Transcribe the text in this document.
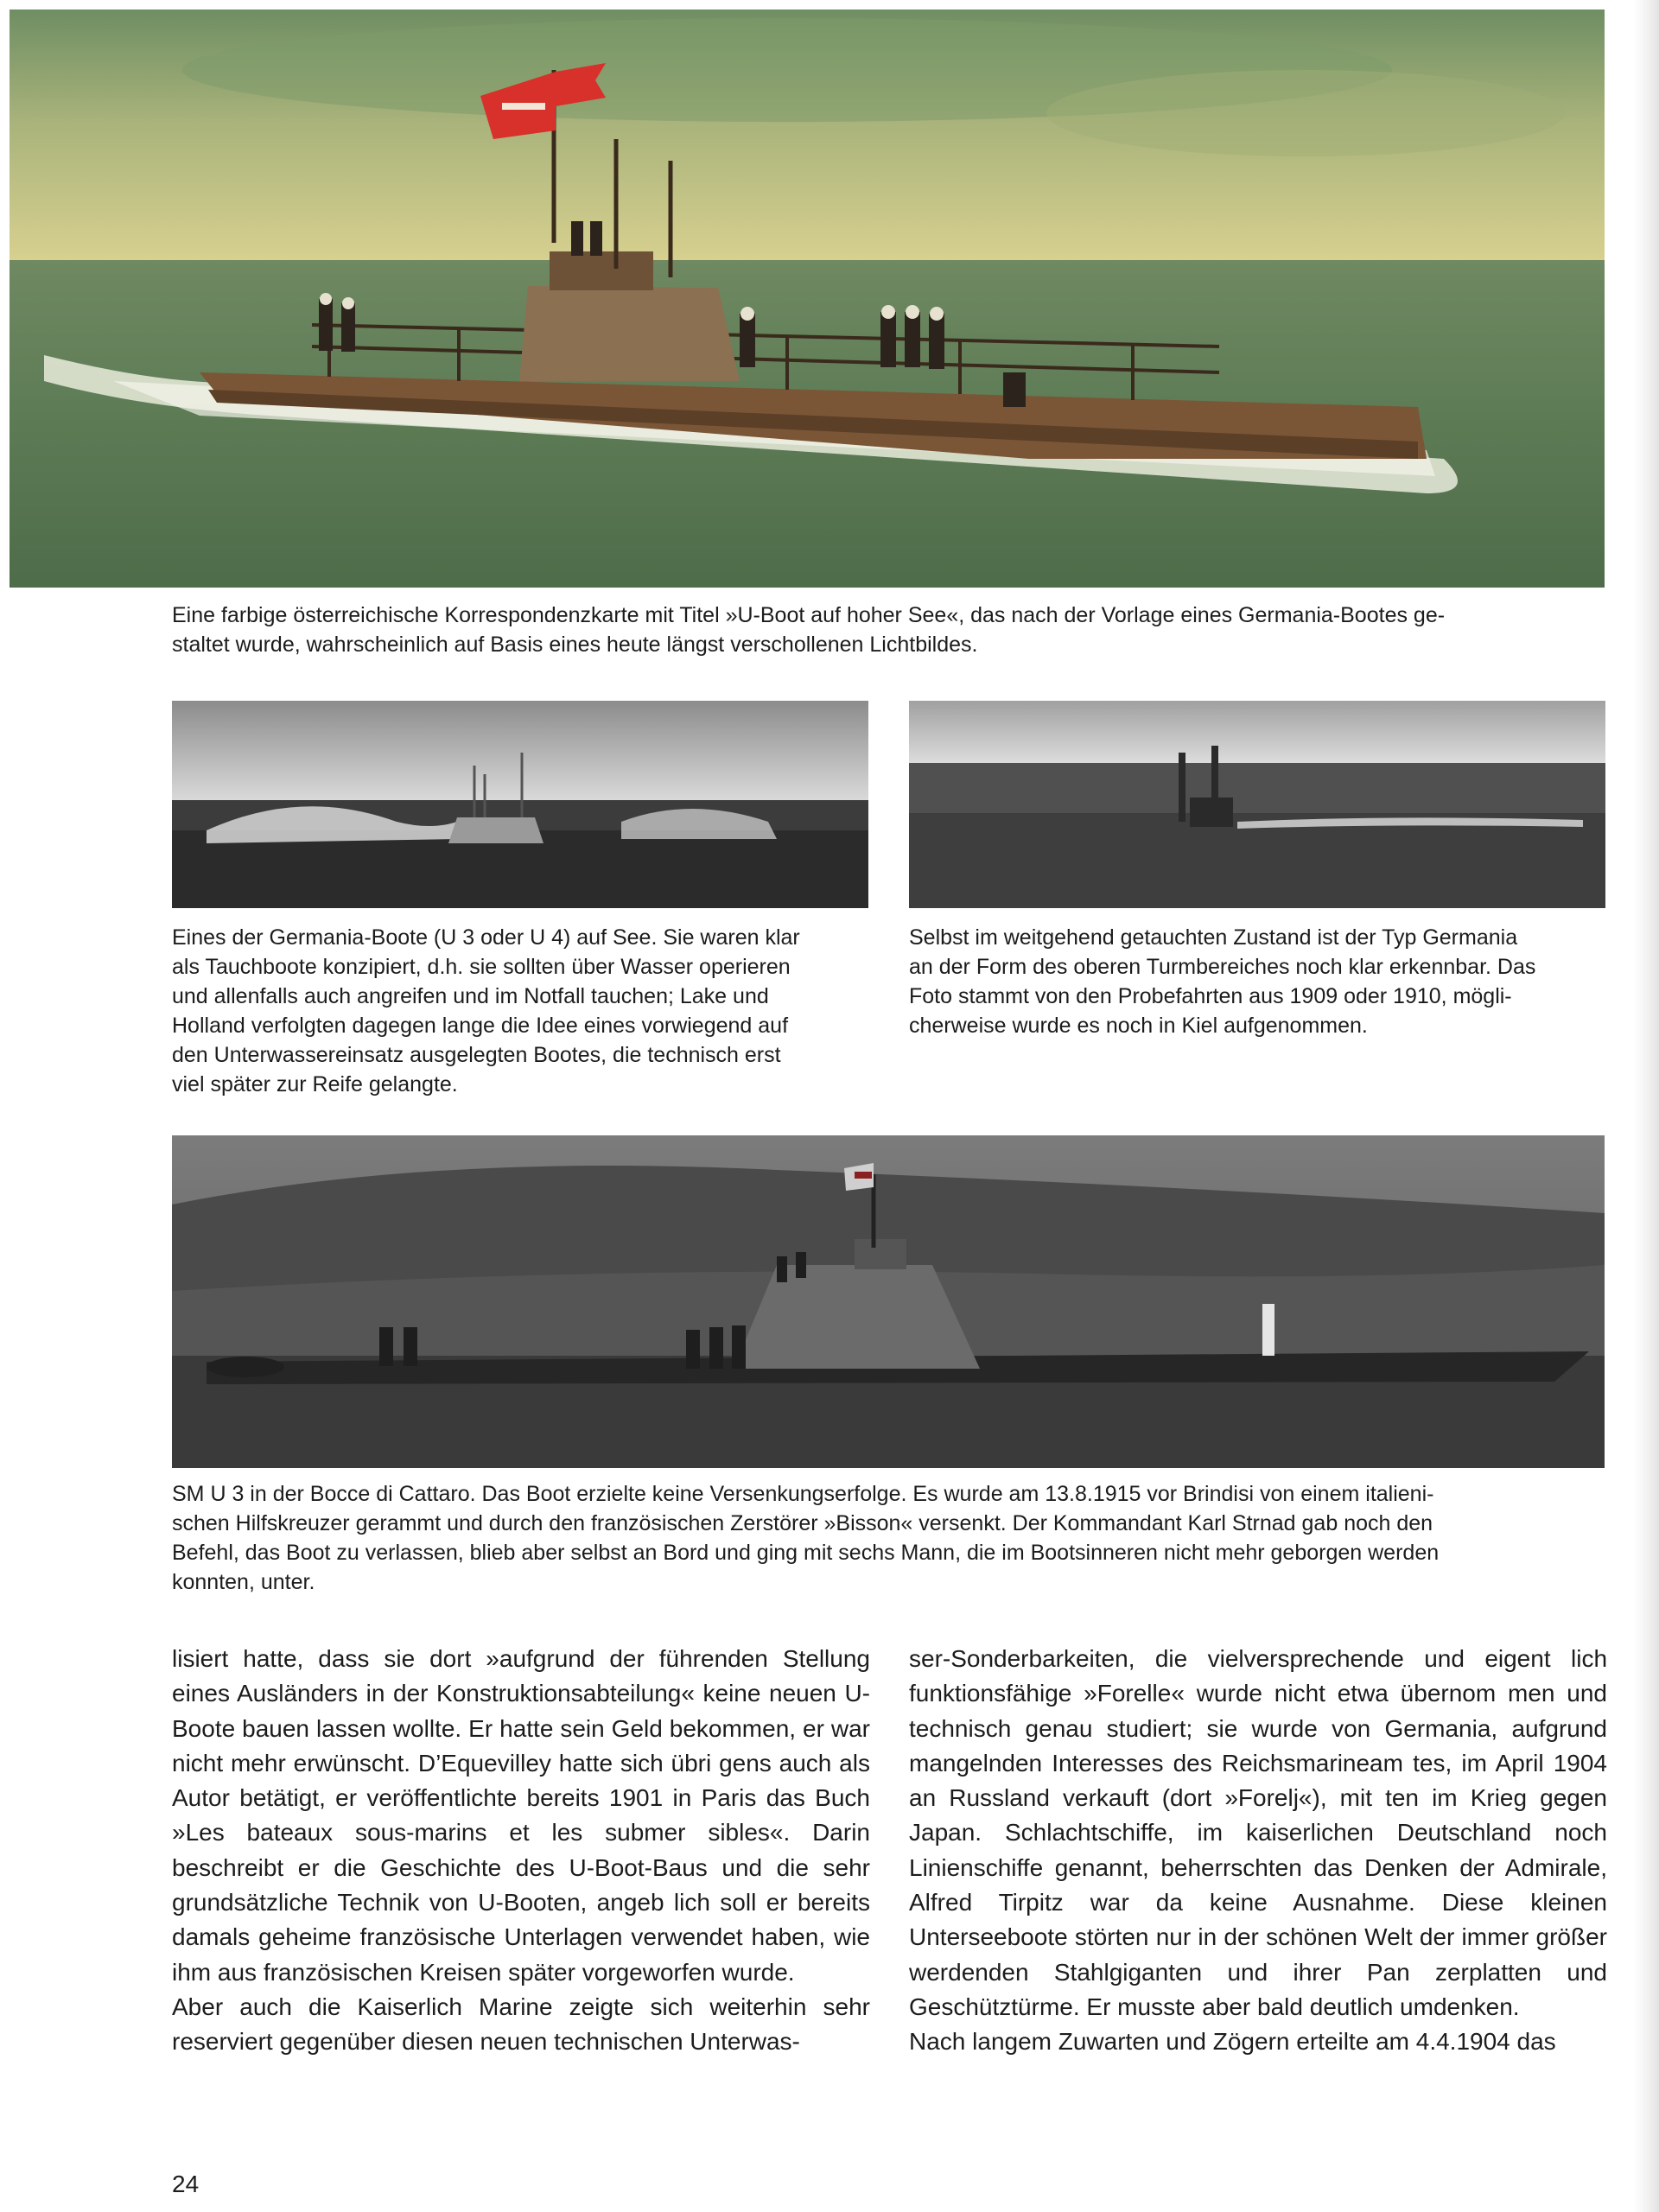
Eine farbige österreichische Korrespondenzkarte mit Titel »U-Boot auf hoher See«, das nach der Vorlage eines Germania-Bootes ge-
staltet wurde, wahrscheinlich auf Basis eines heute längst verschollenen Lichtbildes.
Eines der Germania-Boote (U 3 oder U 4) auf See. Sie waren klar
als Tauchboote konzipiert, d.h. sie sollten über Wasser operieren
und allenfalls auch angreifen und im Notfall tauchen; Lake und
Holland verfolgten dagegen lange die Idee eines vorwiegend auf
den Unterwassereinsatz ausgelegten Bootes, die technisch erst
viel später zur Reife gelangte.
Selbst im weitgehend getauchten Zustand ist der Typ Germania
an der Form des oberen Turmbereiches noch klar erkennbar. Das
Foto stammt von den Probefahrten aus 1909 oder 1910, mögli-
cherweise wurde es noch in Kiel aufgenommen.
SM U 3 in der Bocce di Cattaro. Das Boot erzielte keine Versenkungserfolge. Es wurde am 13.8.1915 vor Brindisi von einem italieni-
schen Hilfskreuzer gerammt und durch den französischen Zerstörer »Bisson« versenkt. Der Kommandant Karl Strnad gab noch den
Befehl, das Boot zu verlassen, blieb aber selbst an Bord und ging mit sechs Mann, die im Bootsinneren nicht mehr geborgen werden
konnten, unter.

lisiert hatte, dass sie dort »aufgrund der führenden Stellung eines Ausländers in der Konstruktionsabteilung« keine neuen U-Boote bauen lassen wollte. Er hatte sein Geld bekommen, er war nicht mehr erwünscht. D’Equevilley hatte sich übri gens auch als Autor betätigt, er veröffentlichte bereits 1901 in Paris das Buch »Les bateaux sous-marins et les submer sibles«. Darin beschreibt er die Geschichte des U-Boot-Baus und die sehr grundsätzliche Technik von U-Booten, angeb lich soll er bereits damals geheime französische Unterlagen verwendet haben, wie ihm aus französischen Kreisen später vorgeworfen wurde.

Aber auch die Kaiserlich Marine zeigte sich weiterhin sehr reserviert gegenüber diesen neuen technischen Unterwas-

ser-Sonderbarkeiten, die vielversprechende und eigent lich funktionsfähige »Forelle« wurde nicht etwa übernom men und technisch genau studiert; sie wurde von Germania, aufgrund mangelnden Interesses des Reichsmarineam tes, im April 1904 an Russland verkauft (dort »Forelj«), mit ten im Krieg gegen Japan. Schlachtschiffe, im kaiserlichen Deutschland noch Linienschiffe genannt, beherrschten das Denken der Admirale, Alfred Tirpitz war da keine Ausnahme. Diese kleinen Unterseeboote störten nur in der schönen Welt der immer größer werdenden Stahlgiganten und ihrer Pan zerplatten und Geschütztürme. Er musste aber bald deutlich umdenken.

Nach langem Zuwarten und Zögern erteilte am 4.4.1904 das

24
